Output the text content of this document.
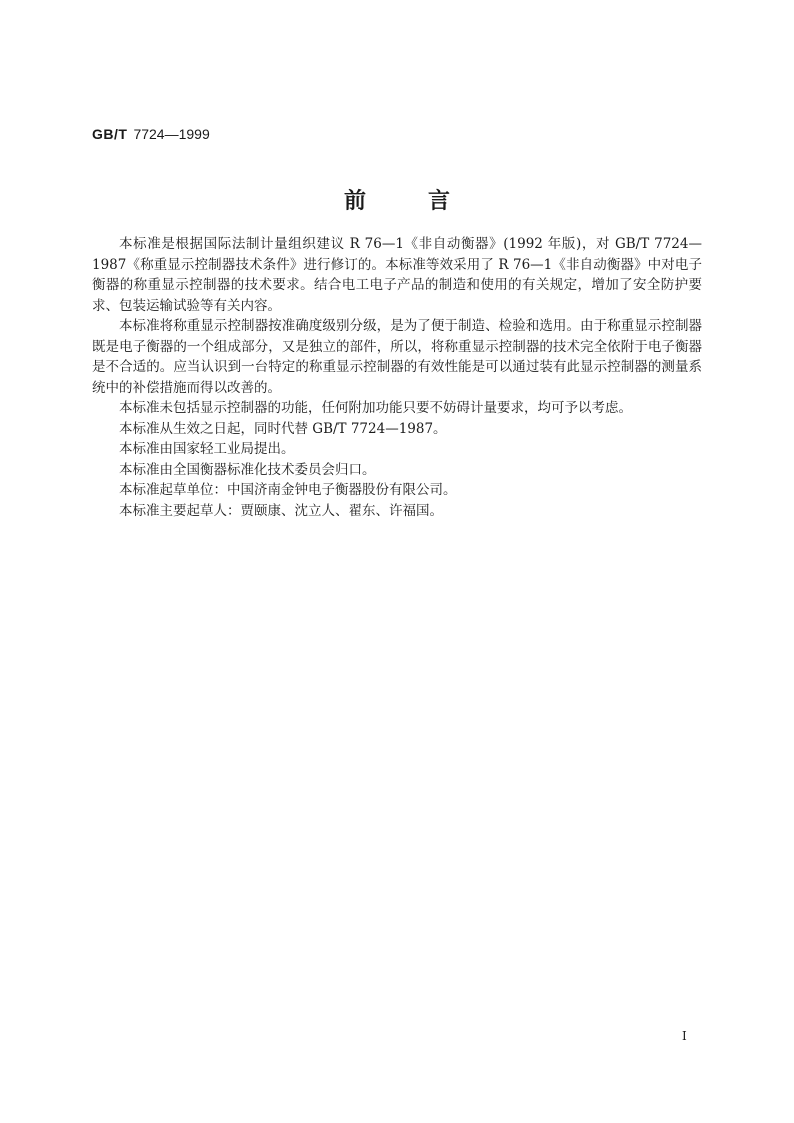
GB/T 7724—1999
前言

本标准是根据国际法制计量组织建议 R 76—1《非自动衡器》(1992 年版)，对 GB/T 7724—1987《称重显示控制器技术条件》进行修订的。本标准等效采用了 R 76—1《非自动衡器》中对电子衡器的称重显示控制器的技术要求。结合电工电子产品的制造和使用的有关规定，增加了安全防护要求、包装运输试验等有关内容。

本标准将称重显示控制器按准确度级别分级，是为了便于制造、检验和选用。由于称重显示控制器既是电子衡器的一个组成部分，又是独立的部件，所以，将称重显示控制器的技术完全依附于电子衡器是不合适的。应当认识到一台特定的称重显示控制器的有效性能是可以通过装有此显示控制器的测量系统中的补偿措施而得以改善的。

本标准未包括显示控制器的功能，任何附加功能只要不妨碍计量要求，均可予以考虑。

本标准从生效之日起，同时代替 GB/T 7724—1987。

本标准由国家轻工业局提出。

本标准由全国衡器标准化技术委员会归口。

本标准起草单位：中国济南金钟电子衡器股份有限公司。

本标准主要起草人：贾颐康、沈立人、翟东、许福国。

I
